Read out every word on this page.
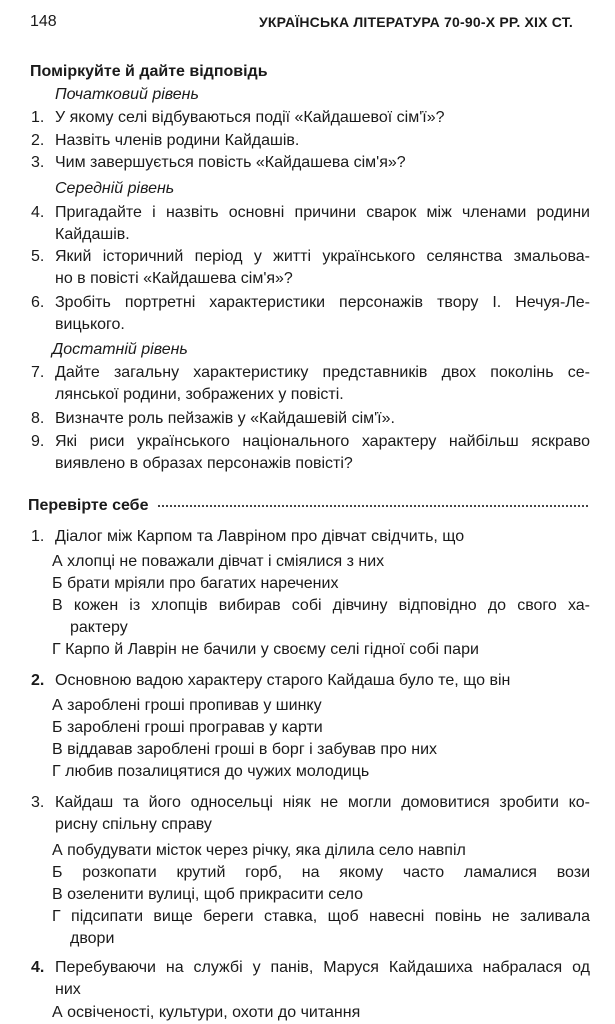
148	УКРАЇНСЬКА ЛІТЕРАТУРА 70-90-Х РР. XIX СТ.
Поміркуйте й дайте відповідь
Початковий рівень
1. У якому селі відбуваються події «Кайдашевої сім'ї»?
2. Назвіть членів родини Кайдашів.
3. Чим завершується повість «Кайдашева сім'я»?
Середній рівень
4. Пригадайте і назвіть основні причини сварок між членами родини
Кайдашів.
5. Який історичний період у житті українського селянства змальова-
но в повісті «Кайдашева сім'я»?
6. Зробіть портретні характеристики персонажів твору І. Нечуя-Ле-
вицького.
Достатній рівень
7. Дайте загальну характеристику представників двох поколінь се-
лянської родини, зображених у повісті.
8. Визначте роль пейзажів у «Кайдашевій сім'ї».
9. Які риси українського національного характеру найбільш яскраво
виявлено в образах персонажів повісті?
Перевірте себе
1. Діалог між Карпом та Лавріном про дівчат свідчить, що
А хлопці не поважали дівчат і сміялися з них
Б брати мріяли про багатих наречених
В кожен із хлопців вибирав собі дівчину відповідно до свого ха-
рактеру
Г Карпо й Лаврін не бачили у своєму селі гідної собі пари
2. Основною вадою характеру старого Кайдаша було те, що він
А зароблені гроші пропивав у шинку
Б зароблені гроші програвав у карти
В віддавав зароблені гроші в борг і забував про них
Г любив позалицятися до чужих молодиць
3. Кайдаш та його односельці ніяк не могли домовитися зробити ко-
рисну спільну справу
А побудувати місток через річку, яка ділила село навпіл
Б розкопати крутий горб, на якому часто ламалися вози
В озеленити вулиці, щоб прикрасити село
Г підсипати вище береги ставка, щоб навесні повінь не заливала
двори
4. Перебуваючи на службі у панів, Маруся Кайдашиха набралася од
них
А освіченості, культури, охоти до читання
